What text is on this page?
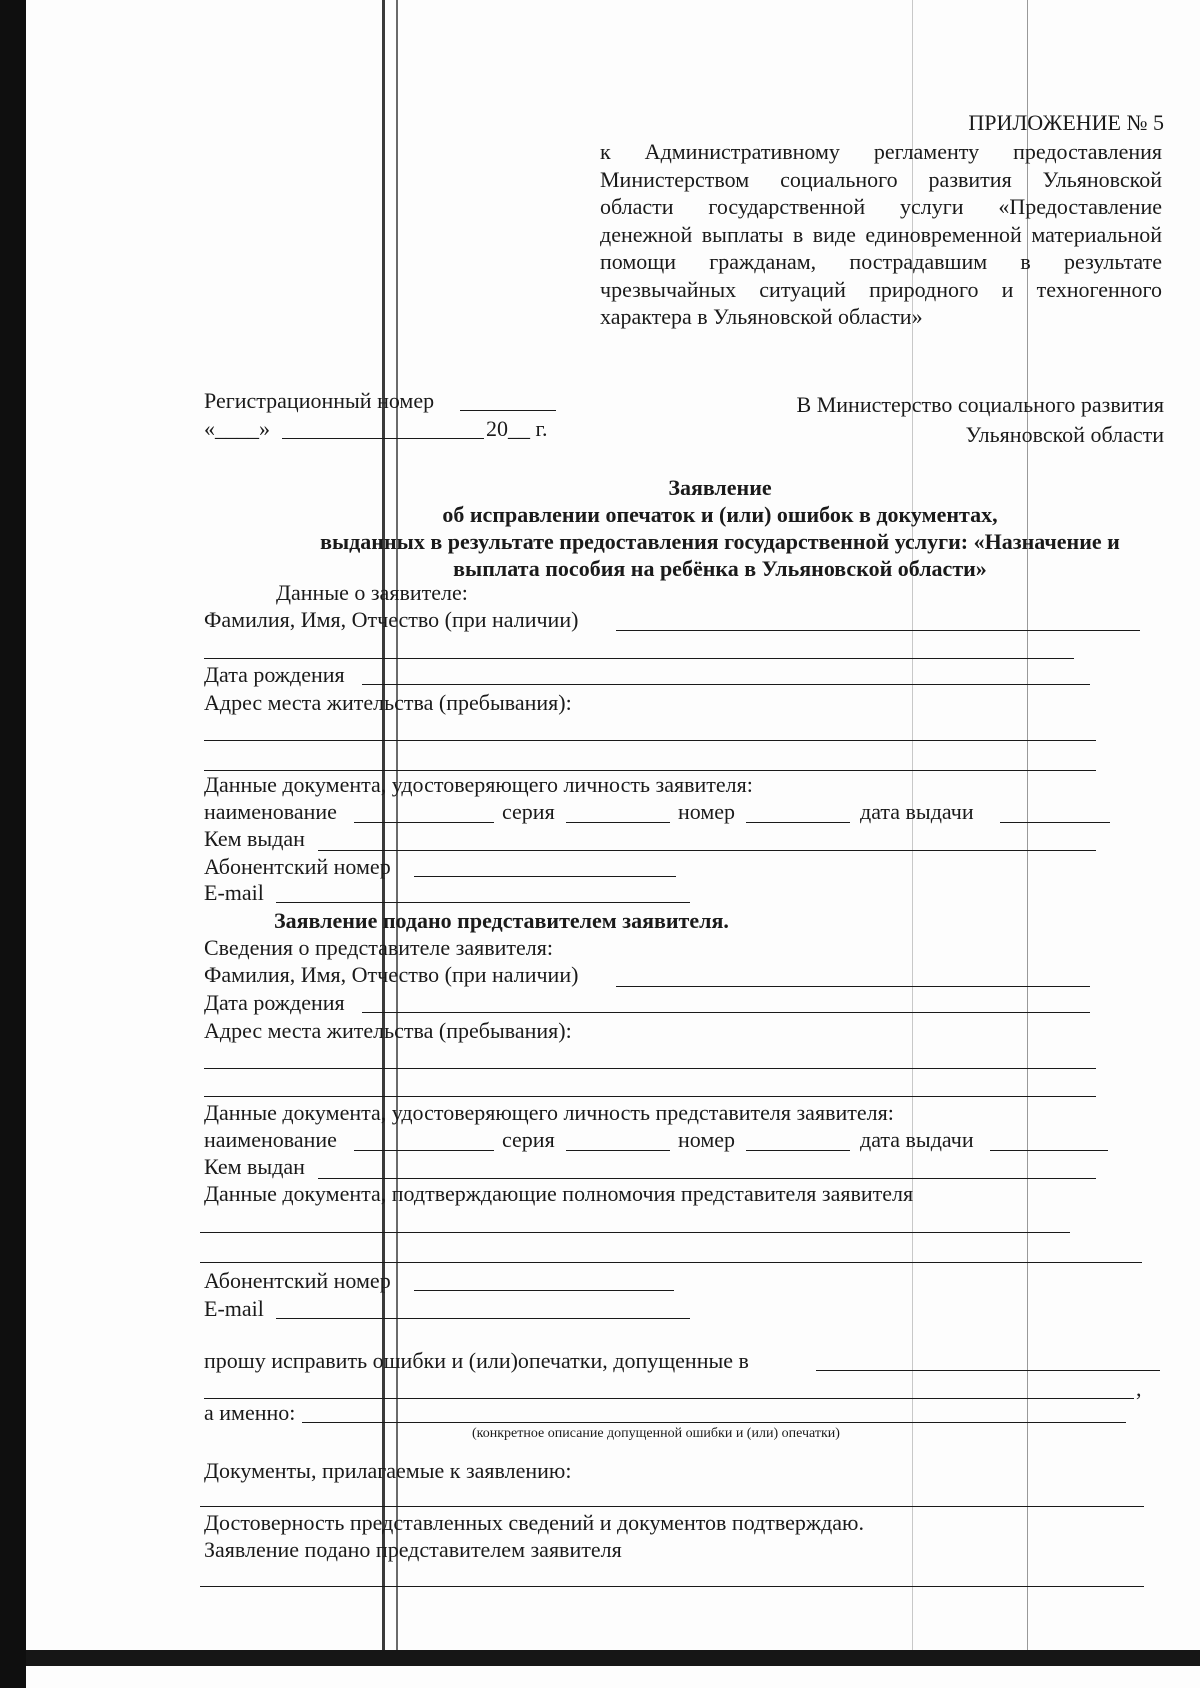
ПРИЛОЖЕНИЕ № 5
к Административному регламенту предоставления Министерством социального развития Ульяновской области государственной услуги «Предоставление денежной выплаты в виде единовременной материальной помощи гражданам, пострадавшим в результате чрезвычайных ситуаций природного и техногенного характера в Ульяновской области»
Регистрационный номер
«____»	20__ г.
В Министерство социального развития
Ульяновской области
Заявление
об исправлении опечаток и (или) ошибок в документах,
выданных в результате предоставления государственной услуги: «Назначение и
выплата пособия на ребёнка в Ульяновской области»
Данные о заявителе:
Фамилия, Имя, Отчество (при наличии)
Дата рождения
Адрес места жительства (пребывания):
Данные документа, удостоверяющего личность заявителя:
наименование	серия	номер	дата выдачи
Кем выдан
Абонентский номер
E-mail
Заявление подано представителем заявителя.
Сведения о представителе заявителя:
Фамилия, Имя, Отчество (при наличии)
Дата рождения
Адрес места жительства (пребывания):
Данные документа, удостоверяющего личность представителя заявителя:
наименование	серия	номер	дата выдачи
Кем выдан
Данные документа, подтверждающие полномочия представителя заявителя
Абонентский номер
E-mail
прошу исправить ошибки и (или)опечатки, допущенные в
,
а именно:
(конкретное описание допущенной ошибки и (или) опечатки)
Документы, прилагаемые к заявлению:
Достоверность представленных сведений и документов подтверждаю.
Заявление подано представителем заявителя
